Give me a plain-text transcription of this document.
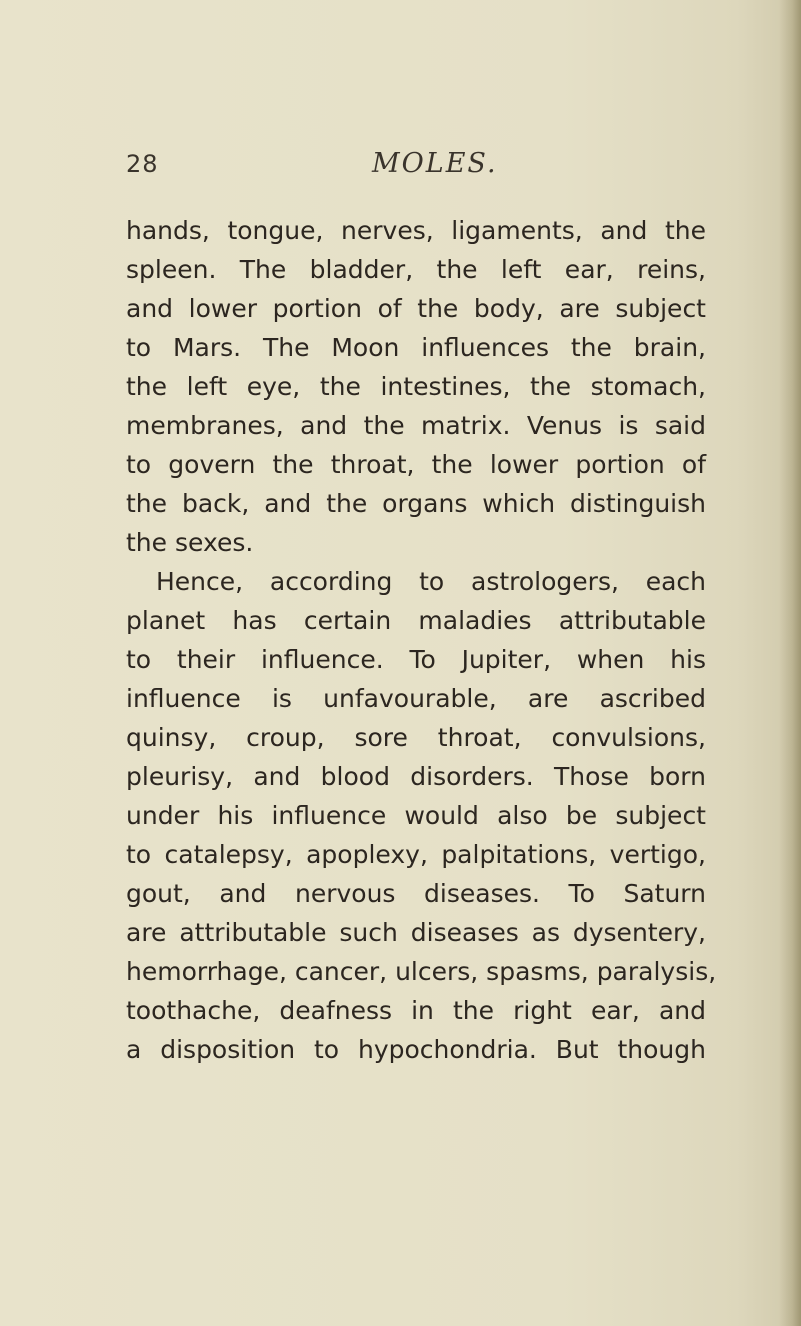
28	MOLES.
hands, tongue, nerves, ligaments, and the
spleen. The bladder, the left ear, reins,
and lower portion of the body, are subject
to Mars. The Moon influences the brain,
the left eye, the intestines, the stomach,
membranes, and the matrix. Venus is said
to govern the throat, the lower portion of
the back, and the organs which distinguish
the sexes.
Hence, according to astrologers, each
planet has certain maladies attributable
to their influence. To Jupiter, when his
influence is unfavourable, are ascribed
quinsy, croup, sore throat, convulsions,
pleurisy, and blood disorders. Those born
under his influence would also be subject
to catalepsy, apoplexy, palpitations, vertigo,
gout, and nervous diseases. To Saturn
are attributable such diseases as dysentery,
hemorrhage, cancer, ulcers, spasms, paralysis,
toothache, deafness in the right ear, and
a disposition to hypochondria. But though
